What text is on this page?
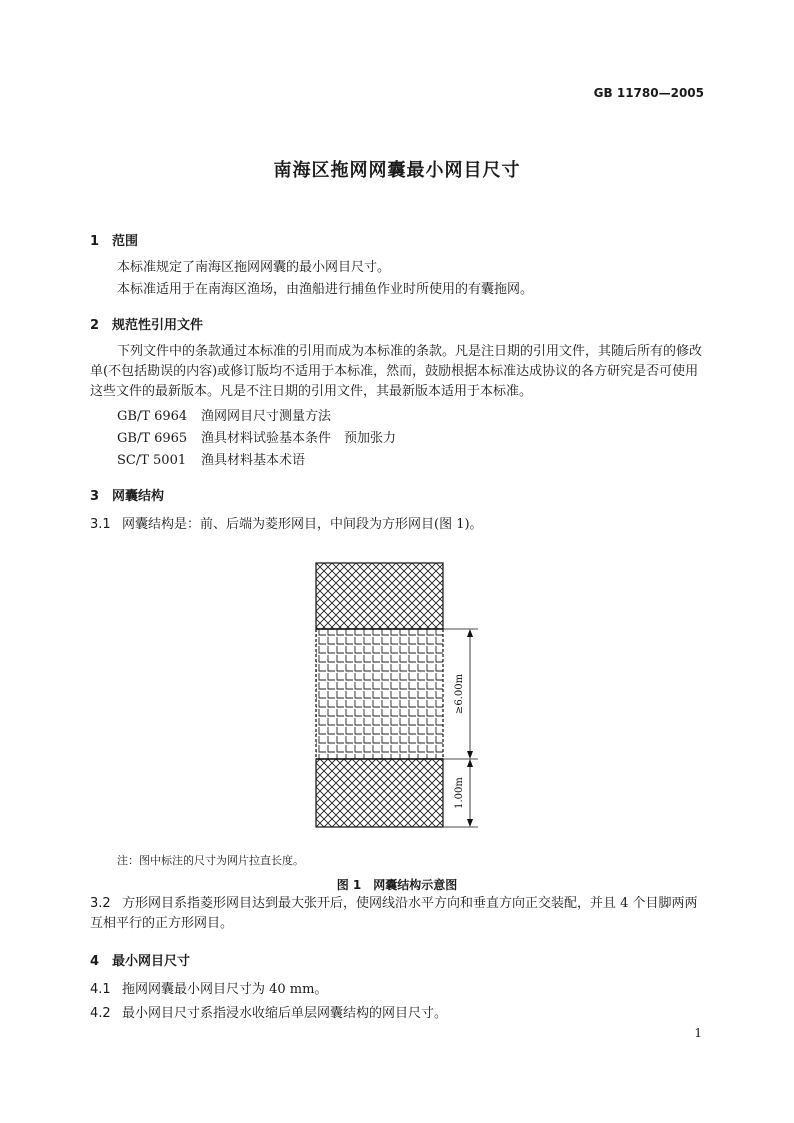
GB 11780—2005
南海区拖网网囊最小网目尺寸
1 范围
本标准规定了南海区拖网网囊的最小网目尺寸。
本标准适用于在南海区渔场，由渔船进行捕鱼作业时所使用的有囊拖网。
2 规范性引用文件
下列文件中的条款通过本标准的引用而成为本标准的条款。凡是注日期的引用文件，其随后所有的修改单(不包括勘误的内容)或修订版均不适用于本标准，然而，鼓励根据本标准达成协议的各方研究是否可使用这些文件的最新版本。凡是不注日期的引用文件，其最新版本适用于本标准。
GB/T 6964 渔网网目尺寸测量方法
GB/T 6965 渔具材料试验基本条件　预加张力
SC/T 5001 渔具材料基本术语
3 网囊结构
3.1 网囊结构是：前、后端为菱形网目，中间段为方形网目(图 1)。
≥6.00m
1.00m
注：图中标注的尺寸为网片拉直长度。
图 1　 网囊结构示意图
3.2 方形网目系指菱形网目达到最大张开后，使网线沿水平方向和垂直方向正交装配，并且 4 个目脚两两互相平行的正方形网目。
4 最小网目尺寸
4.1 拖网网囊最小网目尺寸为 40 mm。
4.2 最小网目尺寸系指浸水收缩后单层网囊结构的网目尺寸。
1
